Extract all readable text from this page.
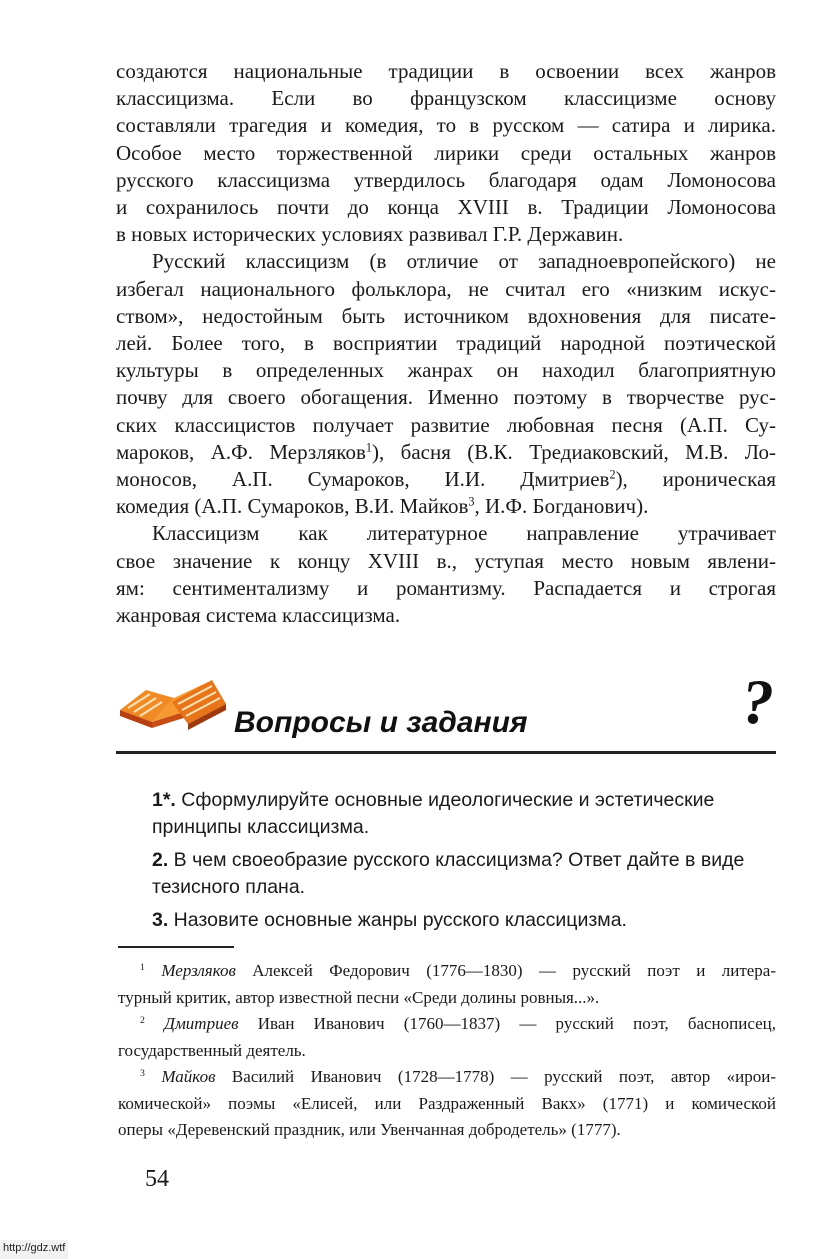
создаются национальные традиции в освоении всех жанров
классицизма. Если во французском классицизме основу
составляли трагедия и комедия, то в русском — сатира и лирика.
Особое место торжественной лирики среди остальных жанров
русского классицизма утвердилось благодаря одам Ломоносова
и сохранилось почти до конца XVIII в. Традиции Ломоносова
в новых исторических условиях развивал Г.Р. Державин.
Русский классицизм (в отличие от западноевропейского) не
избегал национального фольклора, не считал его «низким искус-
ством», недостойным быть источником вдохновения для писате-
лей. Более того, в восприятии традиций народной поэтической
культуры в определенных жанрах он находил благоприятную
почву для своего обогащения. Именно поэтому в творчестве рус-
ских классицистов получает развитие любовная песня (А.П. Су-
мароков, А.Ф. Мерзляков$^1$), басня (В.К. Тредиаковский, М.В. Ло-
моносов, А.П. Сумароков, И.И. Дмитриев$^2$), ироническая
комедия (А.П. Сумароков, В.И. Майков$^3$, И.Ф. Богданович).
Классицизм как литературное направление утрачивает
свое значение к концу XVIII в., уступая место новым явлени-
ям: сентиментализму и романтизму. Распадается и строгая
жанровая система классицизма.
Вопросы и задания	?
1*. Сформулируйте основные идеологические и эстетические принципы классицизма.
2. В чем своеобразие русского классицизма? Ответ дайте в виде тезисного плана.
3. Назовите основные жанры русского классицизма.
$^1$ Мерзляков Алексей Федорович (1776—1830) — русский поэт и литера-
турный критик, автор известной песни «Среди долины ровныя...».
$^2$ Дмитриев Иван Иванович (1760—1837) — русский поэт, баснописец,
государственный деятель.
$^3$ Майков Василий Иванович (1728—1778) — русский поэт, автор «ирои-
комической» поэмы «Елисей, или Раздраженный Вакх» (1771) и комической
оперы «Деревенский праздник, или Увенчанная добродетель» (1777).
54
http://gdz.wtf
